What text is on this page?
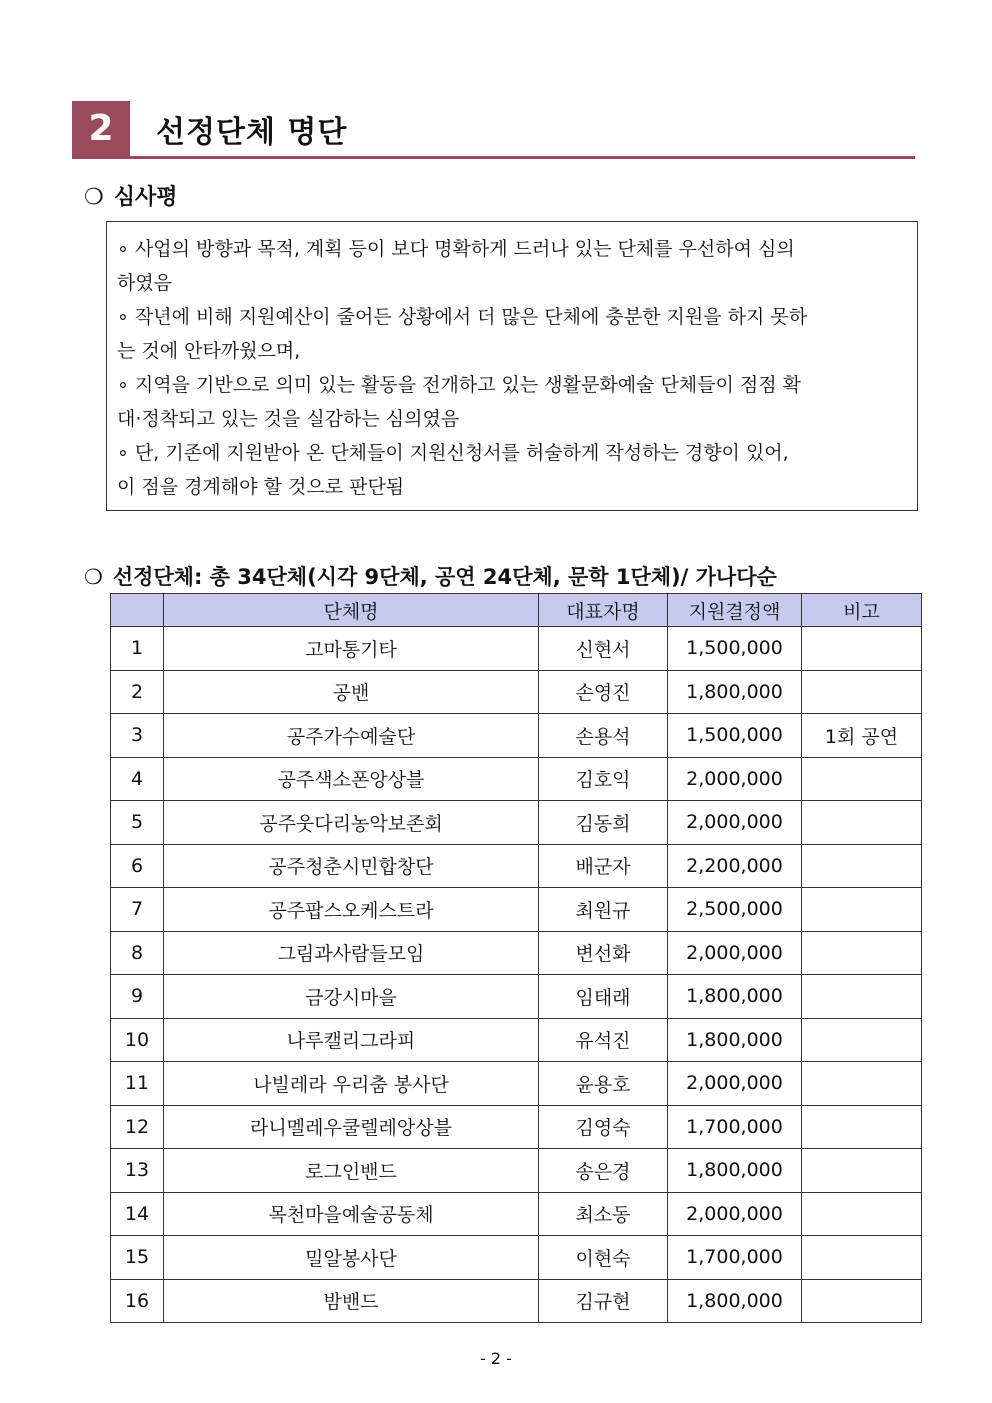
2	선정단체 명단
❍ 심사평
∘ 사업의 방향과 목적, 계획 등이 보다 명확하게 드러나 있는 단체를 우선하여 심의
하였음
∘ 작년에 비해 지원예산이 줄어든 상황에서 더 많은 단체에 충분한 지원을 하지 못하
는 것에 안타까웠으며,
∘ 지역을 기반으로 의미 있는 활동을 전개하고 있는 생활문화예술 단체들이 점점 확
대·정착되고 있는 것을 실감하는 심의였음
∘ 단, 기존에 지원받아 온 단체들이 지원신청서를 허술하게 작성하는 경향이 있어,
이 점을 경계해야 할 것으로 판단됨
❍ 선정단체: 총 34단체(시각 9단체, 공연 24단체, 문학 1단체)/ 가나다순
	단체명	대표자명	지원결정액	비고
1	고마통기타	신현서	1,500,000	
2	공밴	손영진	1,800,000	
3	공주가수예술단	손용석	1,500,000	1회 공연
4	공주색소폰앙상블	김호익	2,000,000	
5	공주웃다리농악보존회	김동희	2,000,000	
6	공주청춘시민합창단	배군자	2,200,000	
7	공주팝스오케스트라	최원규	2,500,000	
8	그림과사람들모임	변선화	2,000,000	
9	금강시마을	임태래	1,800,000	
10	나루캘리그라피	유석진	1,800,000	
11	나빌레라 우리춤 봉사단	윤용호	2,000,000	
12	라니멜레우쿨렐레앙상블	김영숙	1,700,000	
13	로그인밴드	송은경	1,800,000	
14	목천마을예술공동체	최소동	2,000,000	
15	밀알봉사단	이현숙	1,700,000	
16	밤밴드	김규현	1,800,000	
- 2 -
